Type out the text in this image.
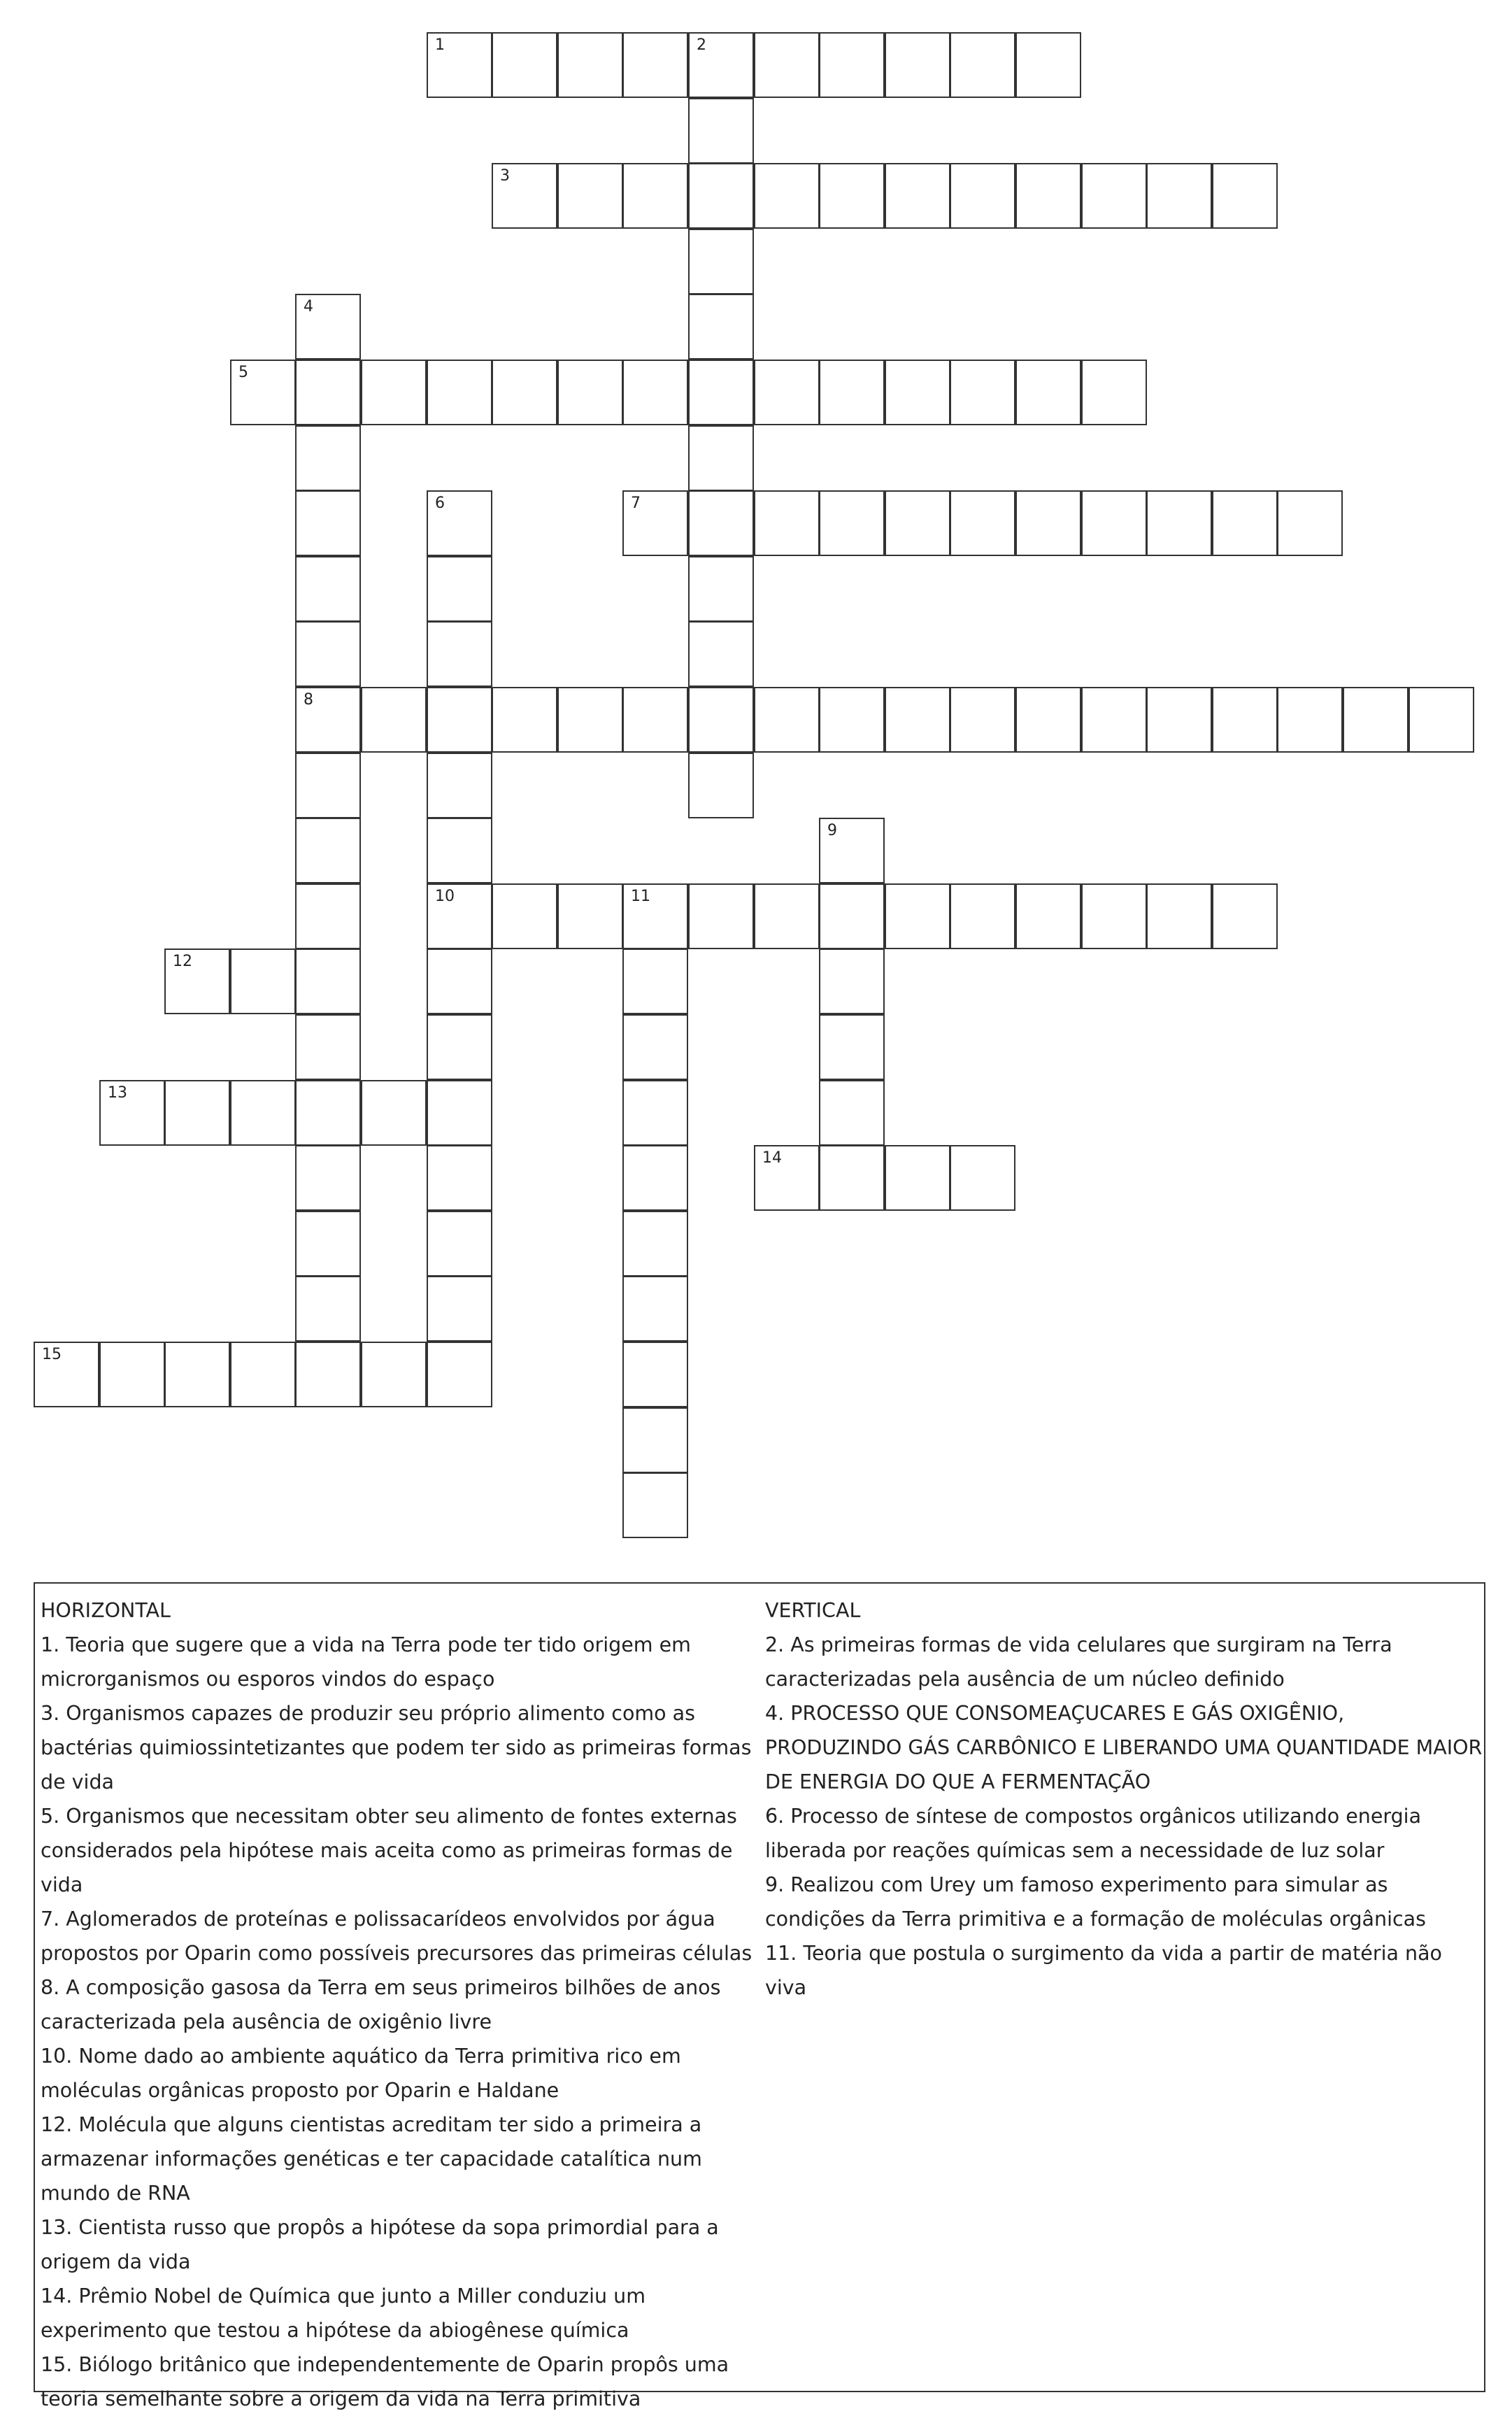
1	2
3
4
8
5
6
10
7
9
11
12
13
14
15
HORIZONTAL
1. Teoria que sugere que a vida na Terra pode ter tido origem em microrganismos ou esporos vindos do espaço
3. Organismos capazes de produzir seu próprio alimento como as bactérias quimiossintetizantes que podem ter sido as primeiras formas de vida
5. Organismos que necessitam obter seu alimento de fontes externas considerados pela hipótese mais aceita como as primeiras formas de vida
7. Aglomerados de proteínas e polissacarídeos envolvidos por água propostos por Oparin como possíveis precursores das primeiras células
8. A composição gasosa da Terra em seus primeiros bilhões de anos caracterizada pela ausência de oxigênio livre
10. Nome dado ao ambiente aquático da Terra primitiva rico em moléculas orgânicas proposto por Oparin e Haldane
12. Molécula que alguns cientistas acreditam ter sido a primeira a armazenar informações genéticas e ter capacidade catalítica num mundo de RNA
13. Cientista russo que propôs a hipótese da sopa primordial para a origem da vida
14. Prêmio Nobel de Química que junto a Miller conduziu um experimento que testou a hipótese da abiogênese química
15. Biólogo britânico que independentemente de Oparin propôs uma teoria semelhante sobre a origem da vida na Terra primitiva
VERTICAL
2. As primeiras formas de vida celulares que surgiram na Terra caracterizadas pela ausência de um núcleo definido
4. PROCESSO QUE CONSOMEAÇUCARES E GÁS OXIGÊNIO, PRODUZINDO GÁS CARBÔNICO E LIBERANDO UMA QUANTIDADE MAIOR DE ENERGIA DO QUE A FERMENTAÇÃO
6. Processo de síntese de compostos orgânicos utilizando energia liberada por reações químicas sem a necessidade de luz solar
9. Realizou com Urey um famoso experimento para simular as condições da Terra primitiva e a formação de moléculas orgânicas
11. Teoria que postula o surgimento da vida a partir de matéria não viva
